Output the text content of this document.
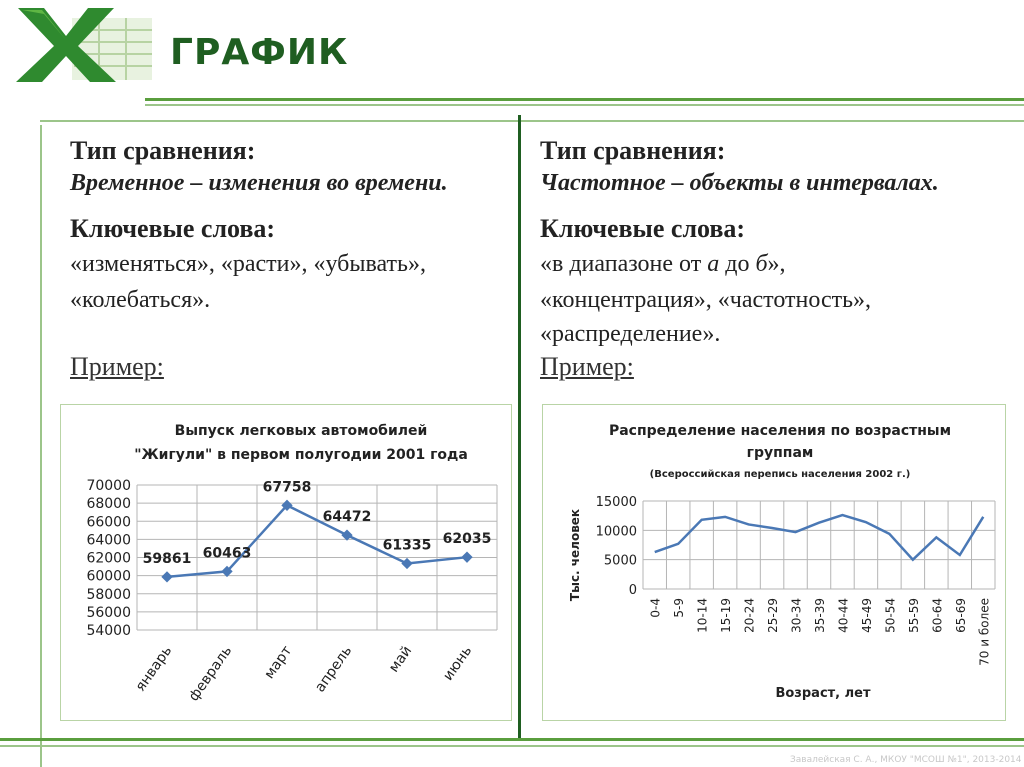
ГРАФИК
Завалейская С. А., МКОУ "МСОШ №1", 2013-2014
Тип сравнения:
Временное – изменения во времени.
Ключевые слова:
«изменяться», «расти», «убывать»,
«колебаться».
Пример:
Тип сравнения:
Частотное – объекты в интервалах.
Ключевые слова:
«в диапазоне от а до б»,
«концентрация», «частотность»,
«распределение».
Пример:
Выпуск легковых автомобилей
"Жигули" в первом полугодии 2001 года
70000
68000
66000
64000
62000
60000
58000
56000
54000
январь февраль март апрель май июнь
59861 60463
67758
64472
61335 62035
Распределение населения по возрастным
группам
(Всероссийская перепись населения 2002 г.)
Возраст, лет
Тыс. человек
15000
10000
5000
0
0-4 5-9 10-14 15-19 20-24 25-29 30-34 35-39 40-44 45-49 50-54 55-59 60-64 65-69 70 и более
